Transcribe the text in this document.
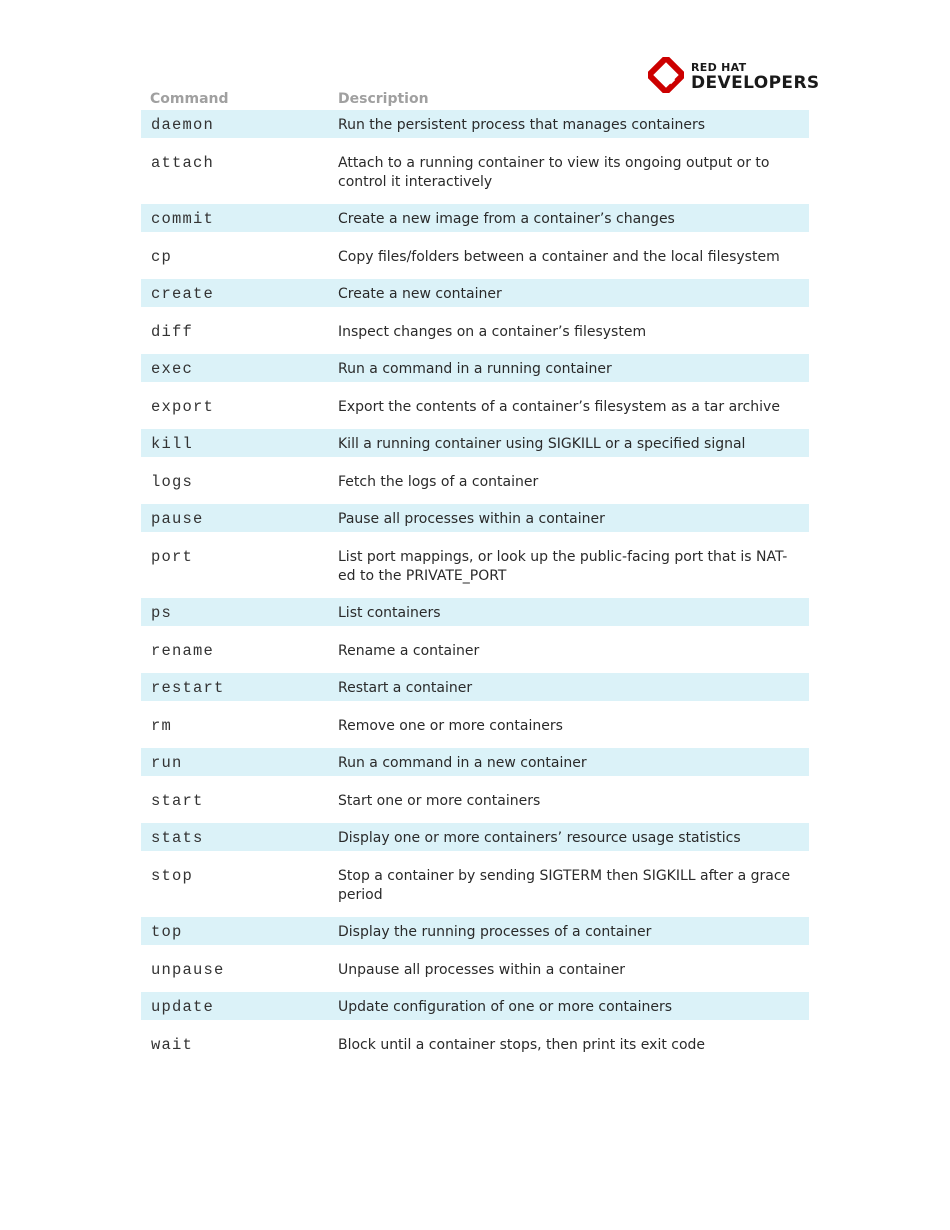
RED HAT
DEVELOPERS
Command	Description
daemon	Run the persistent process that manages containers
attach	Attach to a running container to view its ongoing output or to control it interactively
commit	Create a new image from a container’s changes
cp	Copy files/folders between a container and the local filesystem
create	Create a new container
diff	Inspect changes on a container’s filesystem
exec	Run a command in a running container
export	Export the contents of a container’s filesystem as a tar archive
kill	Kill a running container using SIGKILL or a specified signal
logs	Fetch the logs of a container
pause	Pause all processes within a container
port	List port mappings, or look up the public-facing port that is NAT-ed to the PRIVATE_PORT
ps	List containers
rename	Rename a container
restart	Restart a container
rm	Remove one or more containers
run	Run a command in a new container
start	Start one or more containers
stats	Display one or more containers’ resource usage statistics
stop	Stop a container by sending SIGTERM then SIGKILL after a grace period
top	Display the running processes of a container
unpause	Unpause all processes within a container
update	Update configuration of one or more containers
wait	Block until a container stops, then print its exit code
